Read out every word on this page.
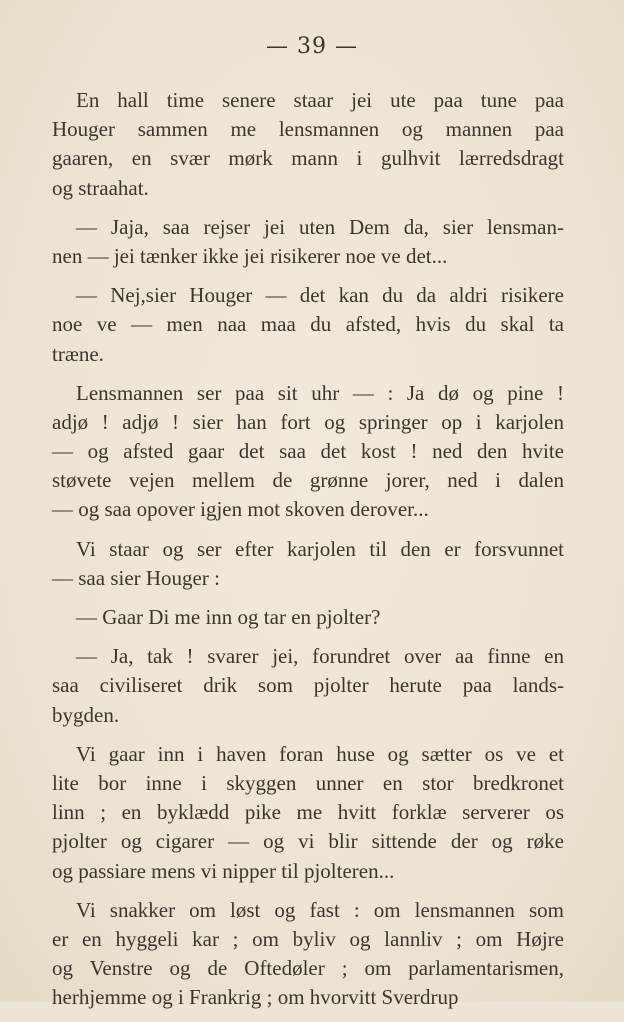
— 39 —
En hall time senere staar jei ute paa tune paa
Houger sammen me lensmannen og mannen paa
gaaren, en svær mørk mann i gulhvit lærredsdragt
og straahat.
— Jaja, saa rejser jei uten Dem da, sier lensman-
nen — jei tænker ikke jei risikerer noe ve det...
— Nej,sier Houger — det kan du da aldri risikere
noe ve — men naa maa du afsted, hvis du skal ta
træne.
Lensmannen ser paa sit uhr — : Ja dø og pine !
adjø ! adjø ! sier han fort og springer op i karjolen
— og afsted gaar det saa det kost ! ned den hvite
støvete vejen mellem de grønne jorer, ned i dalen
— og saa opover igjen mot skoven derover...
Vi staar og ser efter karjolen til den er forsvunnet
— saa sier Houger :
— Gaar Di me inn og tar en pjolter?
— Ja, tak ! svarer jei, forundret over aa finne en
saa civiliseret drik som pjolter herute paa lands-
bygden.
Vi gaar inn i haven foran huse og sætter os ve et
lite bor inne i skyggen unner en stor bredkronet
linn ; en byklædd pike me hvitt forklæ serverer os
pjolter og cigarer — og vi blir sittende der og røke
og passiare mens vi nipper til pjolteren...
Vi snakker om løst og fast : om lensmannen som
er en hyggeli kar ; om byliv og lannliv ; om Højre
og Venstre og de Oftedøler ; om parlamentarismen,
herhjemme og i Frankrig ; om hvorvitt Sverdrup
